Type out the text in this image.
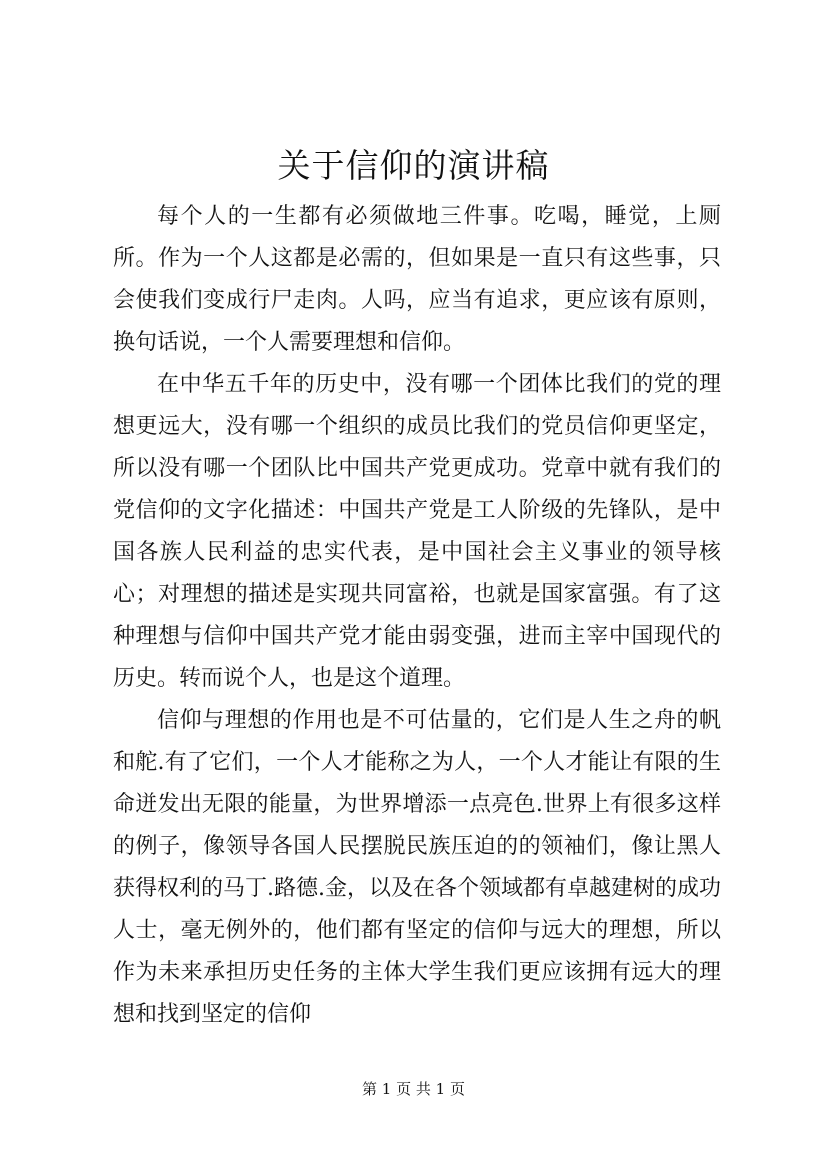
关于信仰的演讲稿

每个人的一生都有必须做地三件事。吃喝，睡觉，上厕所。作为一个人这都是必需的，但如果是一直只有这些事，只会使我们变成行尸走肉。人吗，应当有追求，更应该有原则，换句话说，一个人需要理想和信仰。

在中华五千年的历史中，没有哪一个团体比我们的党的理想更远大，没有哪一个组织的成员比我们的党员信仰更坚定，所以没有哪一个团队比中国共产党更成功。党章中就有我们的党信仰的文字化描述：中国共产党是工人阶级的先锋队，是中国各族人民利益的忠实代表，是中国社会主义事业的领导核心；对理想的描述是实现共同富裕，也就是国家富强。有了这种理想与信仰中国共产党才能由弱变强，进而主宰中国现代的历史。转而说个人，也是这个道理。

信仰与理想的作用也是不可估量的，它们是人生之舟的帆和舵.有了它们，一个人才能称之为人，一个人才能让有限的生命迸发出无限的能量，为世界增添一点亮色.世界上有很多这样的例子，像领导各国人民摆脱民族压迫的的领袖们，像让黑人获得权利的马丁.路德.金，以及在各个领域都有卓越建树的成功人士，毫无例外的，他们都有坚定的信仰与远大的理想，所以作为未来承担历史任务的主体大学生我们更应该拥有远大的理想和找到坚定的信仰

第 1 页 共 1 页
